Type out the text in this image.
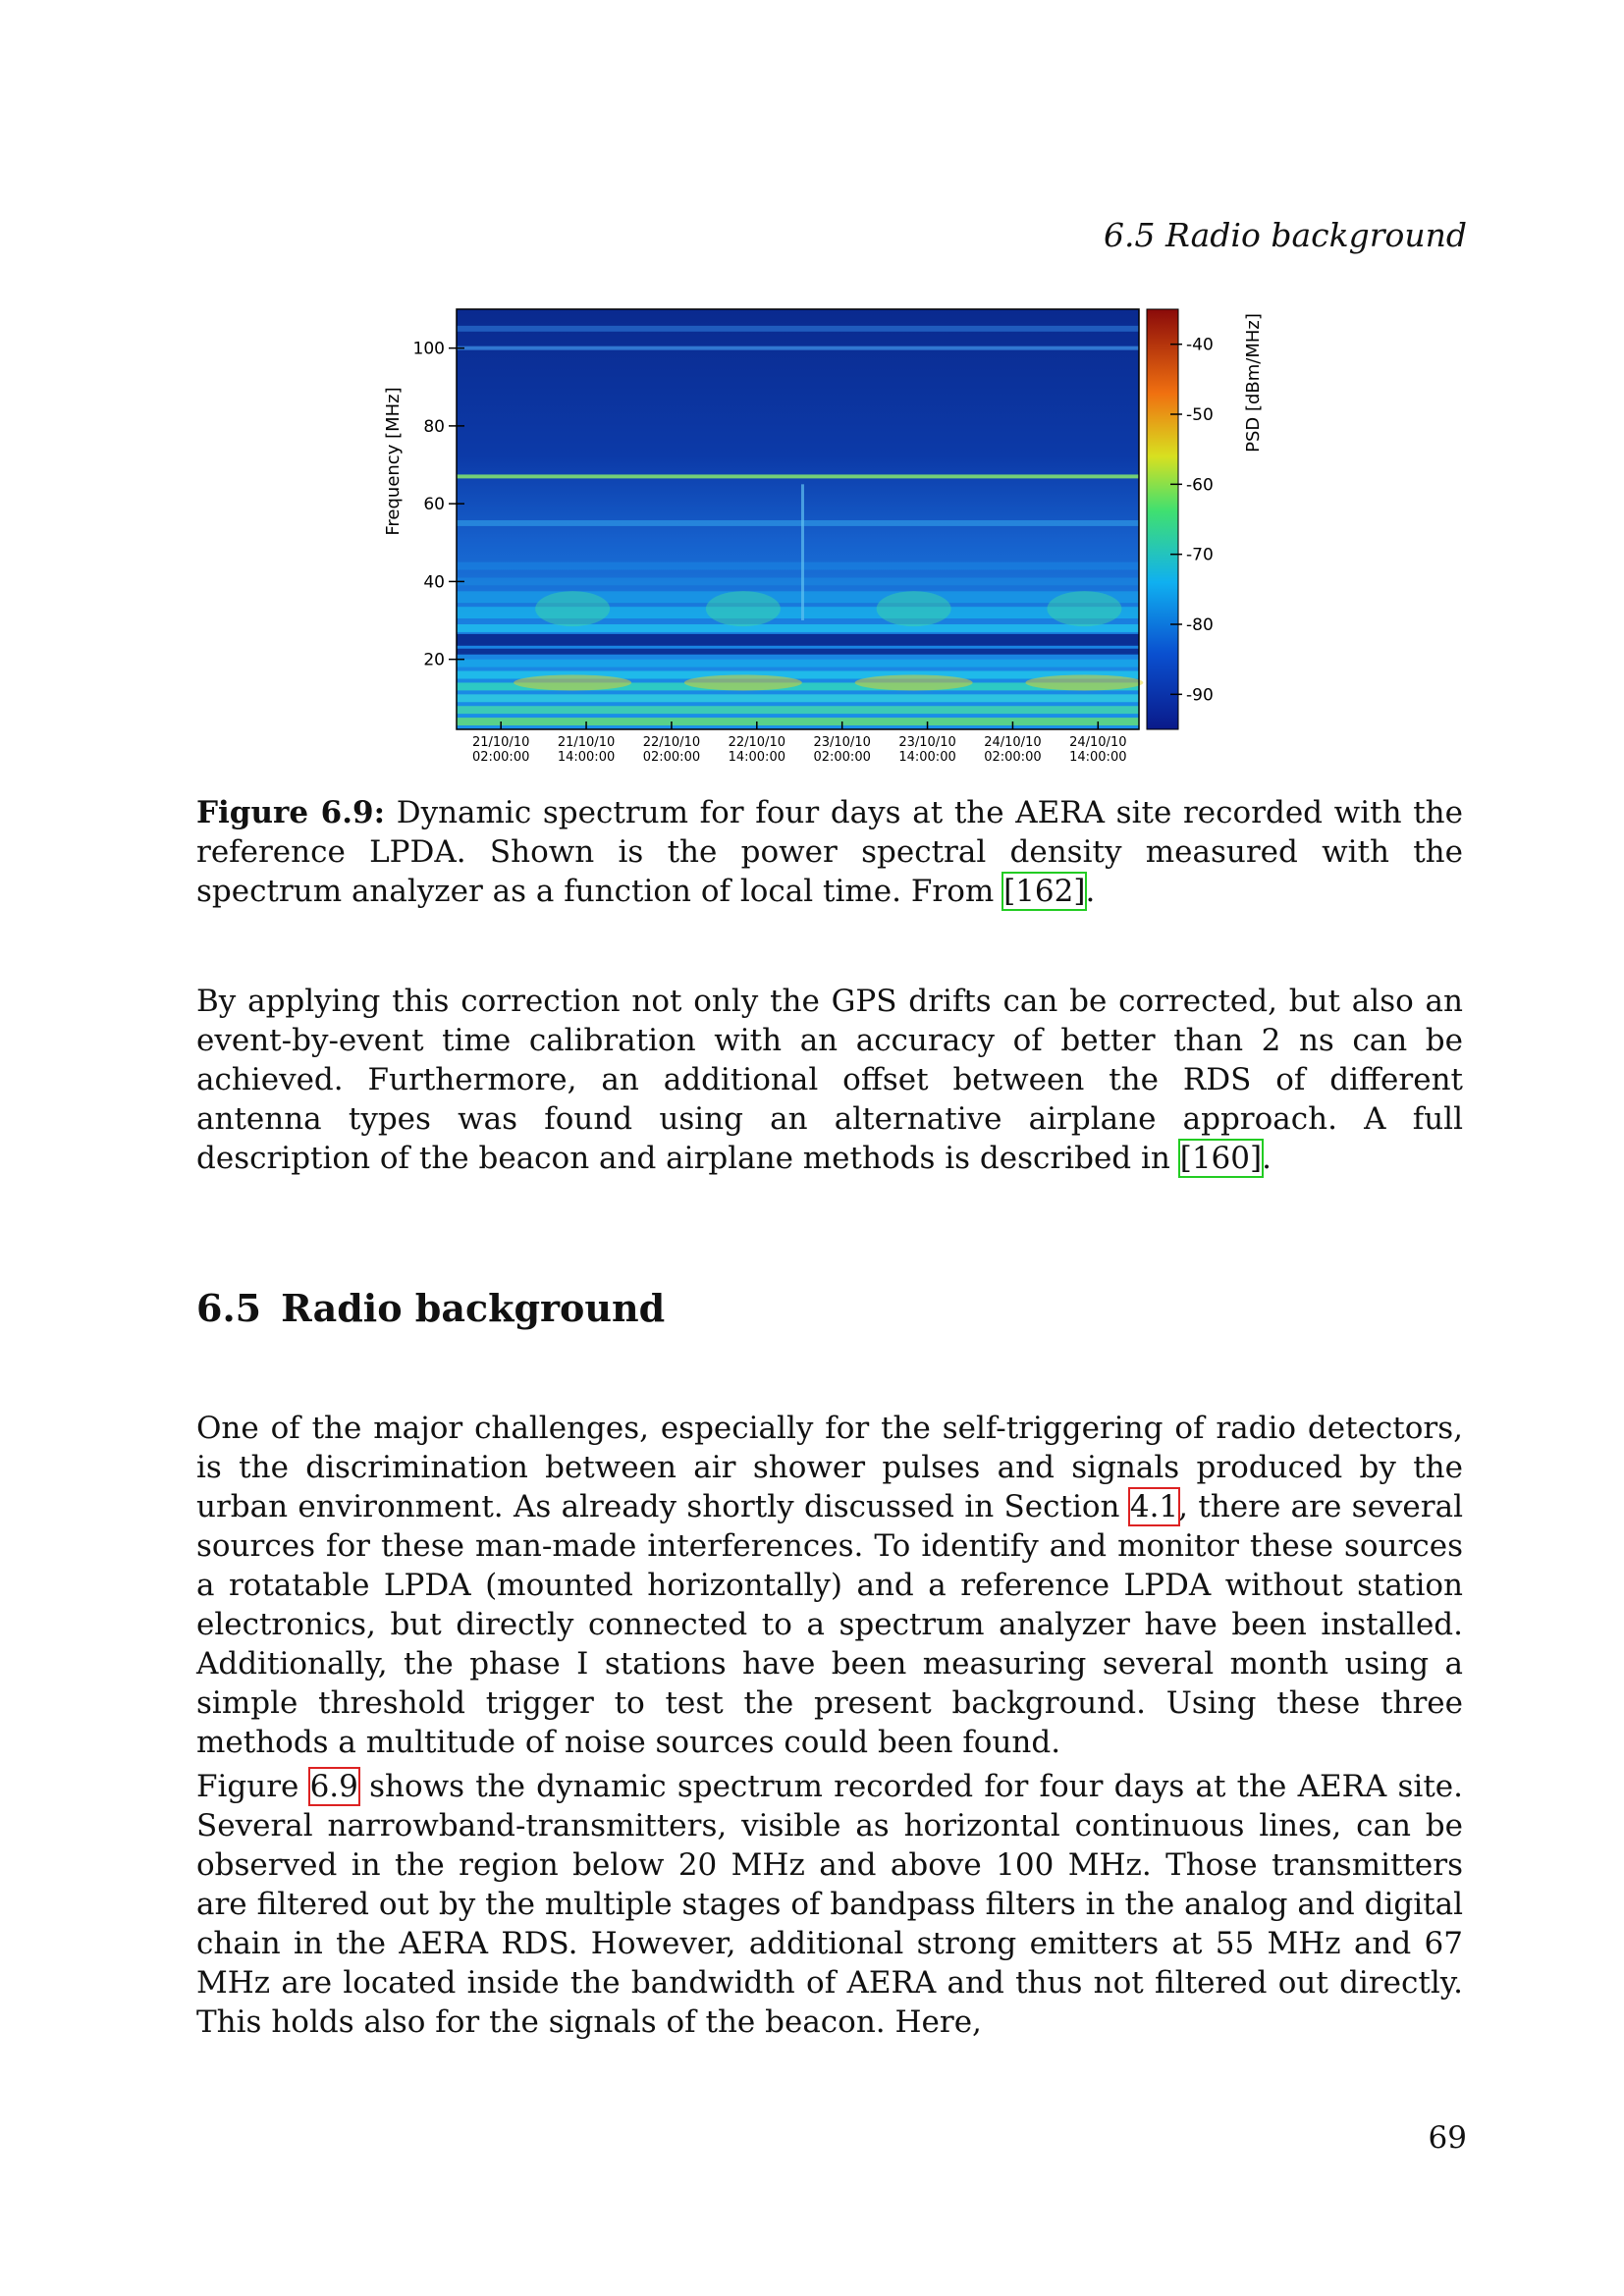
6.5 Radio background
21/10/10
02:00:00
21/10/10
14:00:00
22/10/10
02:00:00
22/10/10
14:00:00
23/10/10
02:00:00
23/10/10
14:00:00
24/10/10
02:00:00
24/10/10
14:00:00
100
80
60
40
20
-40
-50
-60
-70
-80
-90
Frequency [MHz]
PSD [dBm/MHz]
Figure 6.9: Dynamic spectrum for four days at the AERA site recorded with the reference LPDA. Shown is the power spectral density measured with the spectrum analyzer as a function of local time. From [162].
By applying this correction not only the GPS drifts can be corrected, but also an event-by-event time calibration with an accuracy of better than 2 ns can be achieved. Furthermore, an additional offset between the RDS of different antenna types was found using an alternative airplane approach. A full description of the beacon and airplane methods is described in [160].
6.5 Radio background
One of the major challenges, especially for the self-triggering of radio detectors, is the discrimination between air shower pulses and signals produced by the urban environment. As already shortly discussed in Section 4.1, there are several sources for these man-made interferences. To identify and monitor these sources a rotatable LPDA (mounted horizontally) and a reference LPDA without station electronics, but directly connected to a spectrum analyzer have been installed. Additionally, the phase I stations have been measuring several month using a simple threshold trigger to test the present background. Using these three methods a multitude of noise sources could been found.
Figure 6.9 shows the dynamic spectrum recorded for four days at the AERA site. Several narrowband-transmitters, visible as horizontal continuous lines, can be observed in the region below 20 MHz and above 100 MHz. Those transmitters are filtered out by the multiple stages of bandpass filters in the analog and digital chain in the AERA RDS. However, additional strong emitters at 55 MHz and 67 MHz are located inside the bandwidth of AERA and thus not filtered out directly. This holds also for the signals of the beacon. Here,
69
